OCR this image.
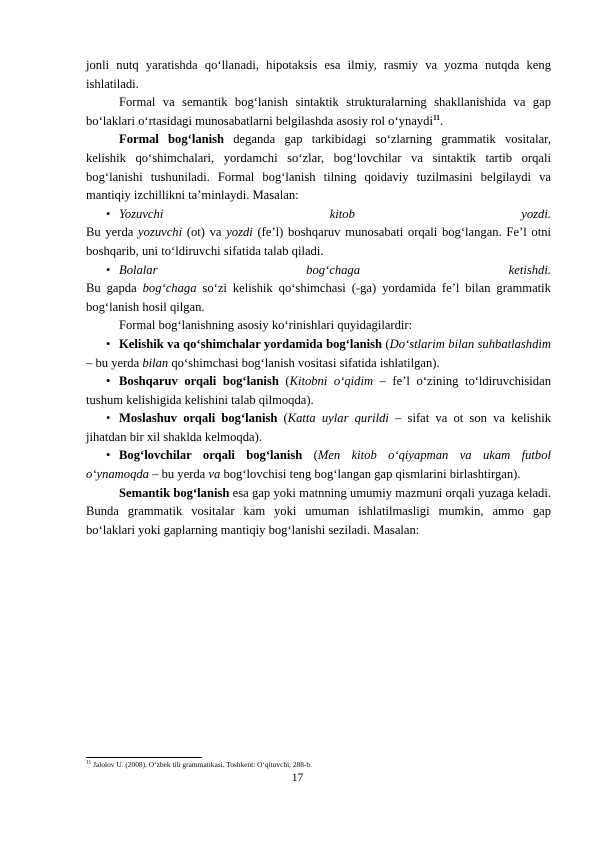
jonli nutq yaratishda qo‘llanadi, hipotaksis esa ilmiy, rasmiy va yozma nutqda keng ishlatiladi.

Formal va semantik bog‘lanish sintaktik strukturalarning shakllanishida va gap bo‘laklari o‘rtasidagi munosabatlarni belgilashda asosiy rol o‘ynaydi$^{11}$.

Formal bog‘lanish deganda gap tarkibidagi so‘zlarning grammatik vositalar, kelishik qo‘shimchalari, yordamchi so‘zlar, bog‘lovchilar va sintaktik tartib orqali bog‘lanishi tushuniladi. Formal bog‘lanish tilning qoidaviy tuzilmasini belgilaydi va mantiqiy izchillikni ta’minlaydi. Masalan:

• Yozuvchi	kitob	yozdi.

Bu yerda yozuvchi (ot) va yozdi (fe’l) boshqaruv munosabati orqali bog‘langan. Fe’l otni boshqarib, uni to‘ldiruvchi sifatida talab qiladi.

• Bolalar	bog‘chaga	ketishdi.

Bu gapda bog‘chaga so‘zi kelishik qo‘shimchasi (-ga) yordamida fe’l bilan grammatik bog‘lanish hosil qilgan.

Formal bog‘lanishning asosiy ko‘rinishlari quyidagilardir:

• Kelishik va qo‘shimchalar yordamida bog‘lanish (Do‘stlarim bilan suhbatlashdim – bu yerda bilan qo‘shimchasi bog‘lanish vositasi sifatida ishlatilgan).

• Boshqaruv orqali bog‘lanish (Kitobni o‘qidim – fe’l o‘zining to‘ldiruvchisidan tushum kelishigida kelishini talab qilmoqda).

• Moslashuv orqali bog‘lanish (Katta uylar qurildi – sifat va ot son va kelishik jihatdan bir xil shaklda kelmoqda).

• Bog‘lovchilar orqali bog‘lanish (Men kitob o‘qiyapman va ukam futbol o‘ynamoqda – bu yerda va bog‘lovchisi teng bog‘langan gap qismlarini birlashtirgan).

Semantik bog‘lanish esa gap yoki matnning umumiy mazmuni orqali yuzaga keladi. Bunda grammatik vositalar kam yoki umuman ishlatilmasligi mumkin, ammo gap bo‘laklari yoki gaplarning mantiqiy bog‘lanishi seziladi. Masalan:

$^{11}$ Jalolov U. (2008). O‘zbek tili grammatikasi. Toshkent: O‘qituvchi, 288-b.
17
